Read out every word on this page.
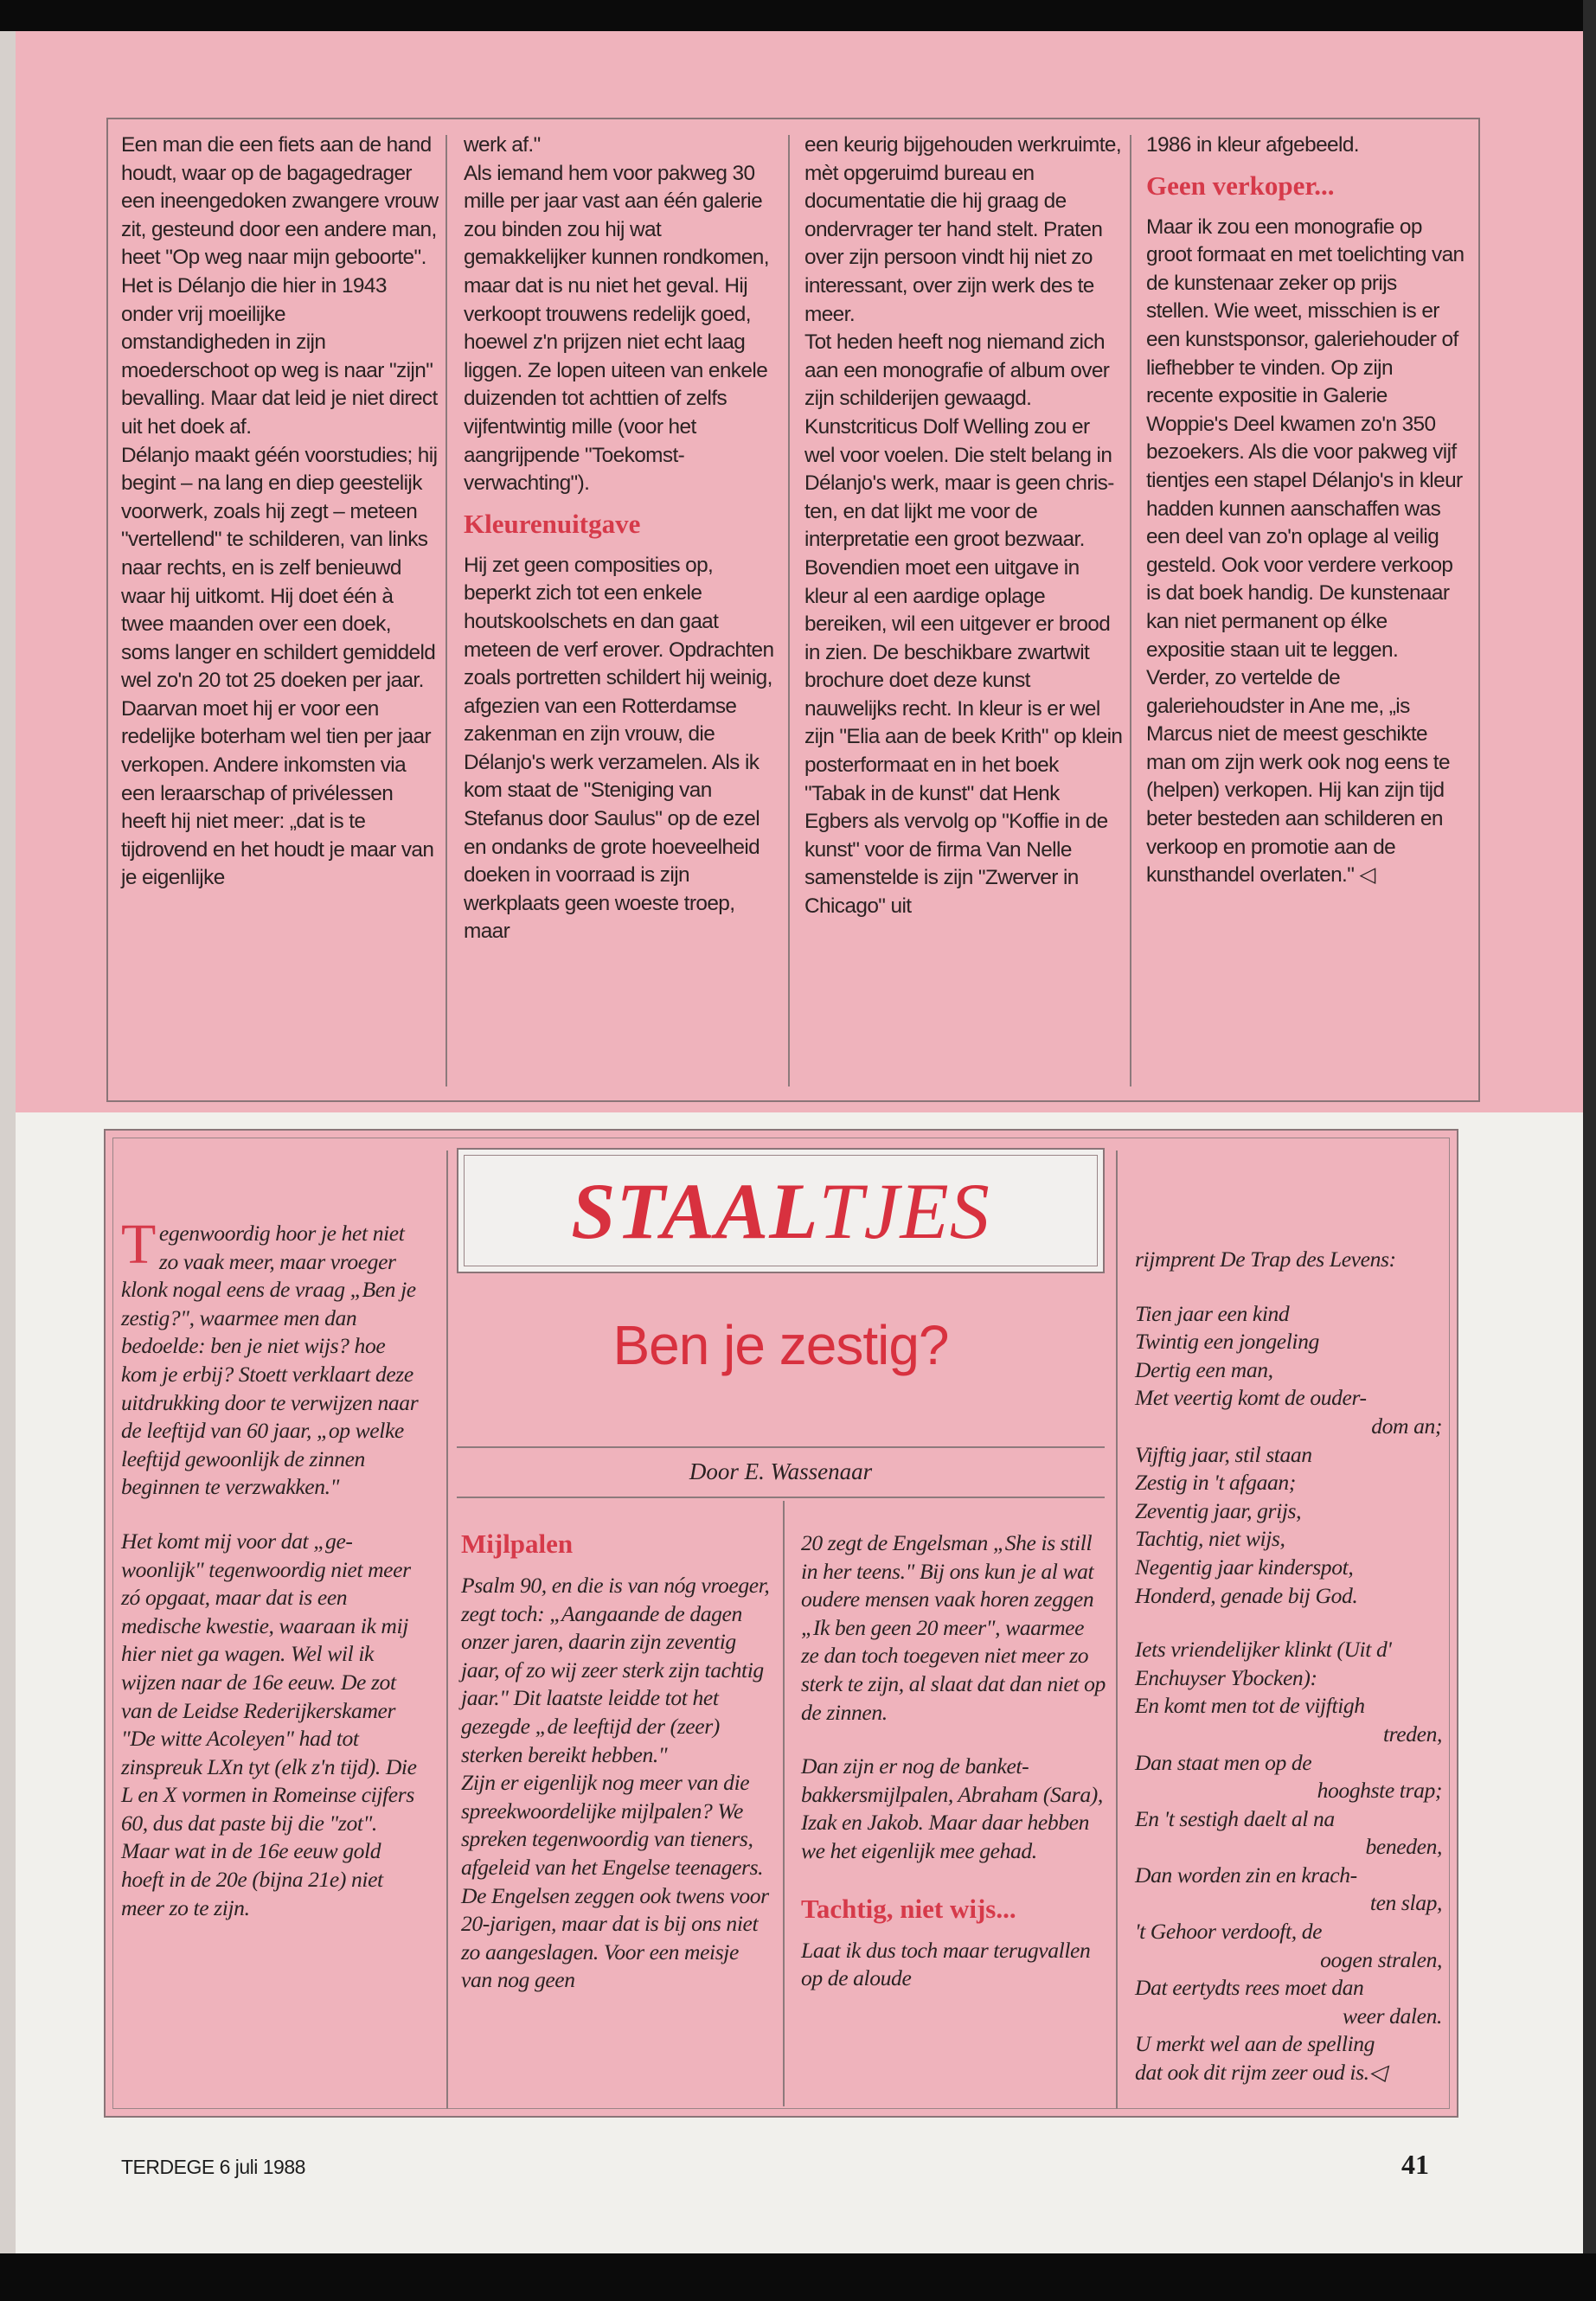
Een man die een fiets aan de hand houdt, waar op de bagagedrager een ineengedoken zwangere vrouw zit, gesteund door een andere man, heet "Op weg naar mijn geboorte". Het is Délanjo die hier in 1943 onder vrij moeilijke omstandigheden in zijn moederschoot op weg is naar "zijn" bevalling. Maar dat leid je niet direct uit het doek af.

Délanjo maakt géén voorstudies; hij begint – na lang en diep geestelijk voorwerk, zoals hij zegt – meteen "vertellend" te schilderen, van links naar rechts, en is zelf benieuwd waar hij uitkomt. Hij doet één à twee maanden over een doek, soms langer en schildert gemiddeld wel zo'n 20 tot 25 doeken per jaar. Daarvan moet hij er voor een redelijke boterham wel tien per jaar verkopen. Andere inkomsten via een leraarschap of privélessen heeft hij niet meer: „dat is te tijdrovend en het houdt je maar van je eigenlijke

werk af."

Als iemand hem voor pakweg 30 mille per jaar vast aan één galerie zou binden zou hij wat gemakkelijker kunnen rondkomen, maar dat is nu niet het geval. Hij verkoopt trouwens redelijk goed, hoewel z'n prijzen niet echt laag liggen. Ze lopen uiteen van enkele duizenden tot achttien of zelfs vijfentwintig mille (voor het aangrijpende "Toekomstverwachting").

Kleurenuitgave

Hij zet geen composities op, beperkt zich tot een enkele houtskoolschets en dan gaat meteen de verf erover. Opdrachten zoals portretten schildert hij weinig, afgezien van een Rotterdamse zakenman en zijn vrouw, die Délanjo's werk verzamelen. Als ik kom staat de "Steniging van Stefanus door Saulus" op de ezel en ondanks de grote hoeveelheid doeken in voorraad is zijn werkplaats geen woeste troep, maar

een keurig bijgehouden werkruimte, mèt opgeruimd bureau en documentatie die hij graag de ondervrager ter hand stelt. Praten over zijn persoon vindt hij niet zo interessant, over zijn werk des te meer.

Tot heden heeft nog niemand zich aan een monografie of album over zijn schilderijen gewaagd. Kunstcriticus Dolf Welling zou er wel voor voelen. Die stelt belang in Délanjo's werk, maar is geen christen, en dat lijkt me voor de interpretatie een groot bezwaar. Bovendien moet een uitgave in kleur al een aardige oplage bereiken, wil een uitgever er brood in zien. De beschikbare zwartwit brochure doet deze kunst nauwelijks recht. In kleur is er wel zijn "Elia aan de beek Krith" op klein posterformaat en in het boek "Tabak in de kunst" dat Henk Egbers als vervolg op "Koffie in de kunst" voor de firma Van Nelle samenstelde is zijn "Zwerver in Chicago" uit

1986 in kleur afgebeeld.

Geen verkoper...

Maar ik zou een monografie op groot formaat en met toelichting van de kunstenaar zeker op prijs stellen. Wie weet, misschien is er een kunstsponsor, galeriehouder of liefhebber te vinden. Op zijn recente expositie in Galerie Woppie's Deel kwamen zo'n 350 bezoekers. Als die voor pakweg vijf tientjes een stapel Délanjo's in kleur hadden kunnen aanschaffen was een deel van zo'n oplage al veilig gesteld. Ook voor verdere verkoop is dat boek handig. De kunstenaar kan niet permanent op élke expositie staan uit te leggen. Verder, zo vertelde de galeriehoudster in Ane me, „is Marcus niet de meest geschikte man om zijn werk ook nog eens te (helpen) verkopen. Hij kan zijn tijd beter besteden aan schilderen en verkoop en promotie aan de kunsthandel overlaten." ◁

STAALTJES
Ben je zestig?
Door E. Wassenaar

Tegenwoordig hoor je het niet zo vaak meer, maar vroeger klonk nogal eens de vraag „Ben je zestig?", waarmee men dan bedoelde: ben je niet wijs? hoe kom je erbij? Stoett verklaart deze uitdrukking door te verwijzen naar de leeftijd van 60 jaar, „op welke leeftijd gewoonlijk de zinnen beginnen te verzwakken."

Het komt mij voor dat „gewoonlijk" tegenwoordig niet meer zó opgaat, maar dat is een medische kwestie, waaraan ik mij hier niet ga wagen. Wel wil ik wijzen naar de 16e eeuw. De zot van de Leidse Rederijkerskamer "De witte Acoleyen" had tot zinspreuk LXn tyt (elk z'n tijd). Die L en X vormen in Romeinse cijfers 60, dus dat paste bij die "zot". Maar wat in de 16e eeuw gold hoeft in de 20e (bijna 21e) niet meer zo te zijn.

Mijlpalen

Psalm 90, en die is van nóg vroeger, zegt toch: „Aangaande de dagen onzer jaren, daarin zijn zeventig jaar, of zo wij zeer sterk zijn tachtig jaar." Dit laatste leidde tot het gezegde „de leeftijd der (zeer) sterken bereikt hebben."

Zijn er eigenlijk nog meer van die spreekwoordelijke mijlpalen? We spreken tegenwoordig van tieners, afgeleid van het Engelse teenagers. De Engelsen zeggen ook twens voor 20-jarigen, maar dat is bij ons niet zo aangeslagen. Voor een meisje van nog geen

20 zegt de Engelsman „She is still in her teens." Bij ons kun je al wat oudere mensen vaak horen zeggen „Ik ben geen 20 meer", waarmee ze dan toch toegeven niet meer zo sterk te zijn, al slaat dat dan niet op de zinnen.

Dan zijn er nog de banketbakkersmijlpalen, Abraham (Sara), Izak en Jakob. Maar daar hebben we het eigenlijk mee gehad.

Tachtig, niet wijs...

Laat ik dus toch maar terugvallen op de aloude

rijmprent De Trap des Levens:

Tien jaar een kind
Twintig een jongeling
Dertig een man,
Met veertig komt de ouder-
dom an;
Vijftig jaar, stil staan
Zestig in 't afgaan;
Zeventig jaar, grijs,
Tachtig, niet wijs,
Negentig jaar kinderspot,
Honderd, genade bij God.

Iets vriendelijker klinkt (Uit d' Enchuyser Ybocken):

En komt men tot de vijftigh
treden,
Dan staat men op de
hooghste trap;
En 't sestigh daelt al na
beneden,
Dan worden zin en krach-
ten slap,
't Gehoor verdooft, de
oogen stralen,
Dat eertydts rees moet dan
weer dalen.
U merkt wel aan de spelling
dat ook dit rijm zeer oud is.◁
TERDEGE 6 juli 1988	41
